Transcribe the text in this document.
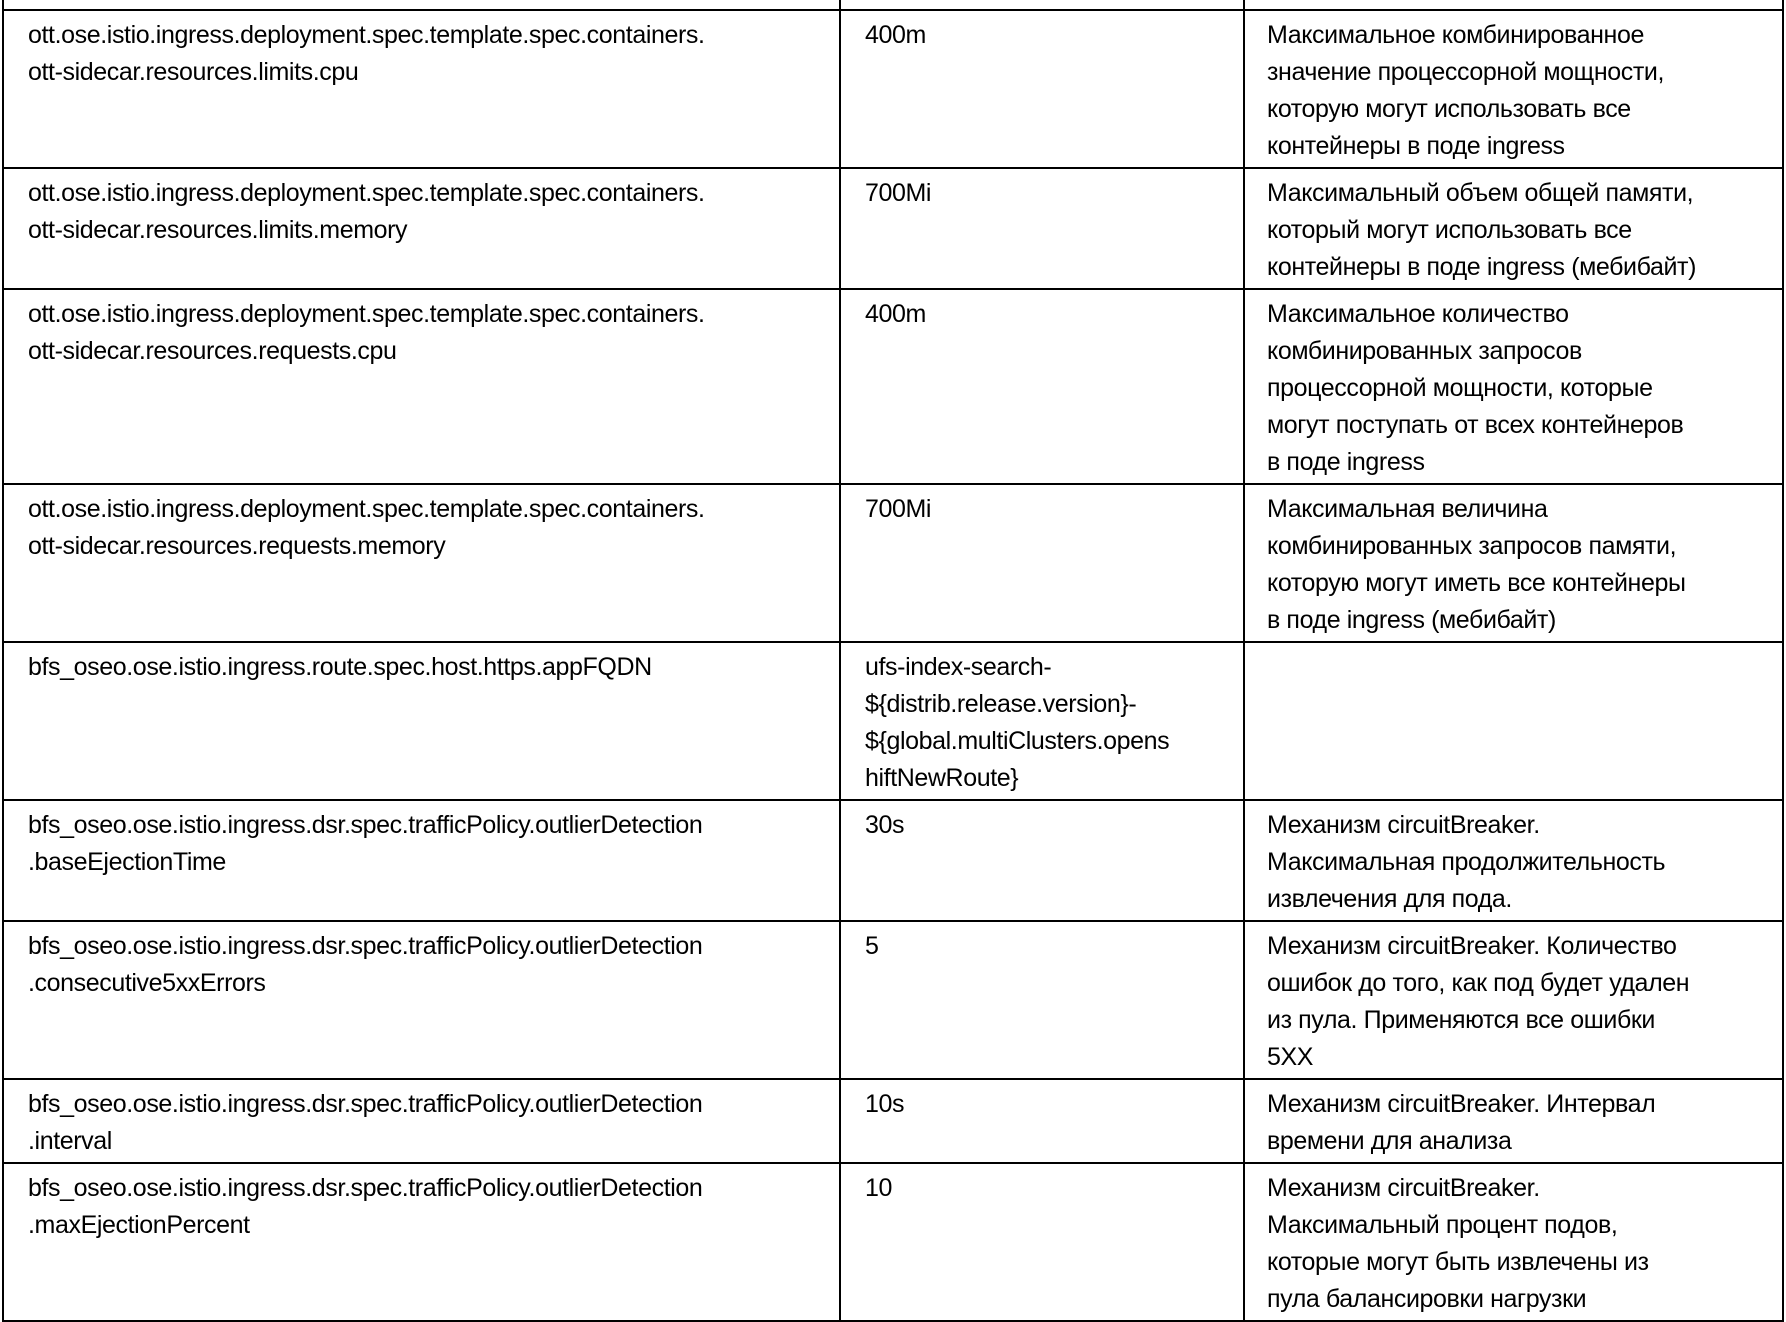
ott.ose.istio.ingress.deployment.spec.template.spec.containers.
ott-sidecar.resources.limits.cpu	400m	Максимальное комбинированное
значение процессорной мощности,
которую могут использовать все
контейнеры в поде ingress
ott.ose.istio.ingress.deployment.spec.template.spec.containers.
ott-sidecar.resources.limits.memory	700Mi	Максимальный объем общей памяти,
который могут использовать все
контейнеры в поде ingress (мебибайт)
ott.ose.istio.ingress.deployment.spec.template.spec.containers.
ott-sidecar.resources.requests.cpu	400m	Максимальное количество
комбинированных запросов
процессорной мощности, которые
могут поступать от всех контейнеров
в поде ingress
ott.ose.istio.ingress.deployment.spec.template.spec.containers.
ott-sidecar.resources.requests.memory	700Mi	Максимальная величина
комбинированных запросов памяти,
которую могут иметь все контейнеры
в поде ingress (мебибайт)
bfs_oseo.ose.istio.ingress.route.spec.host.https.appFQDN	ufs-index-search-
${distrib.release.version}-
${global.multiClusters.opens
hiftNewRoute}	
bfs_oseo.ose.istio.ingress.dsr.spec.trafficPolicy.outlierDetection
.baseEjectionTime	30s	Механизм circuitBreaker.
Максимальная продолжительность
извлечения для пода.
bfs_oseo.ose.istio.ingress.dsr.spec.trafficPolicy.outlierDetection
.consecutive5xxErrors	5	Механизм circuitBreaker. Количество
ошибок до того, как под будет удален
из пула. Применяются все ошибки
5XX
bfs_oseo.ose.istio.ingress.dsr.spec.trafficPolicy.outlierDetection
.interval	10s	Механизм circuitBreaker. Интервал
времени для анализа
bfs_oseo.ose.istio.ingress.dsr.spec.trafficPolicy.outlierDetection
.maxEjectionPercent	10	Механизм circuitBreaker.
Максимальный процент подов,
которые могут быть извлечены из
пула балансировки нагрузки
